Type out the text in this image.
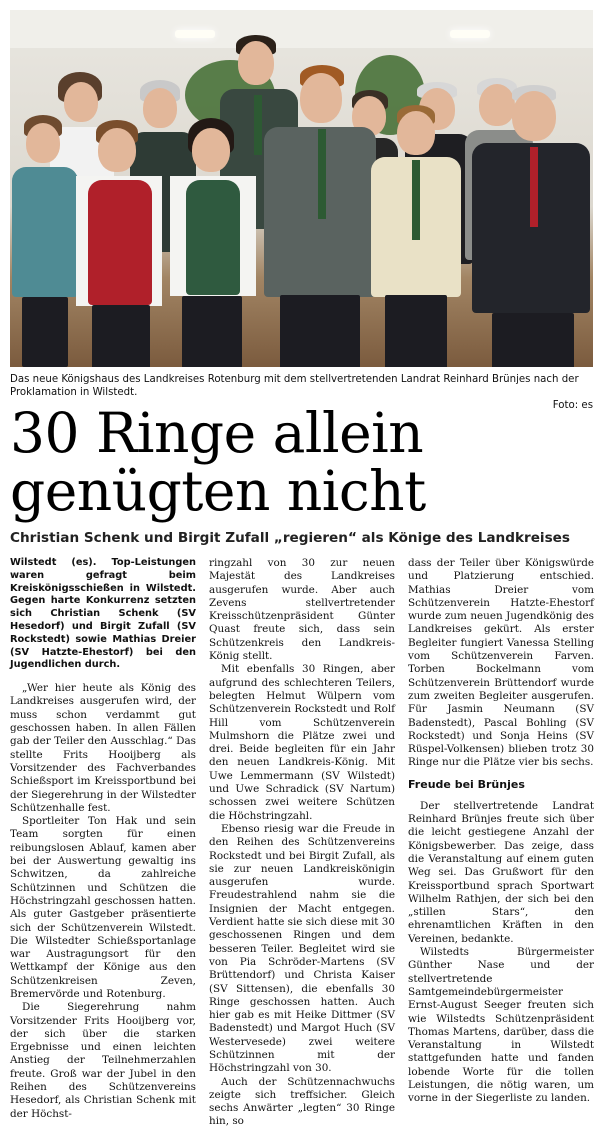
Das neue Königshaus des Landkreises Rotenburg mit dem stellvertretenden Landrat Reinhard Brünjes nach der Proklamation in Wilstedt.
Foto: es
30 Ringe allein
genügten nicht
Christian Schenk und Birgit Zufall „regieren“ als Könige des Landkreises

Wilstedt (es). Top-Leistungen waren gefragt beim Kreiskönigsschießen in Wilstedt. Gegen harte Konkurrenz setzten sich Christian Schenk (SV Hesedorf) und Birgit Zufall (SV Rockstedt) sowie Mathias Dreier (SV Hatzte-Ehestorf) bei den Jugendlichen durch.

„Wer hier heute als König des Landkreises ausgerufen wird, der muss schon verdammt gut geschossen haben. In allen Fällen gab der Teiler den Ausschlag.“ Das stellte Frits Hooijberg als Vorsitzender des Fachverbandes Schießsport im Kreissportbund bei der Siegerehrung in der Wilstedter Schützenhalle fest.

Sportleiter Ton Hak und sein Team sorgten für einen reibungslosen Ablauf, kamen aber bei der Auswertung gewaltig ins Schwitzen, da zahlreiche Schützinnen und Schützen die Höchstringzahl geschossen hatten. Als guter Gastgeber präsentierte sich der Schützenverein Wilstedt. Die Wilstedter Schießsportanlage war Austragungsort für den Wettkampf der Könige aus den Schützenkreisen Zeven, Bremervörde und Rotenburg.

Die Siegerehrung nahm Vorsitzender Frits Hooijberg vor, der sich über die starken Ergebnisse und einen leichten Anstieg der Teilnehmerzahlen freute. Groß war der Jubel in den Reihen des Schützenvereins Hesedorf, als Christian Schenk mit der Höchst-

ringzahl von 30 zur neuen Majestät des Landkreises ausgerufen wurde. Aber auch Zevens stellvertretender Kreisschützenpräsident Günter Quast freute sich, dass sein Schützenkreis den Landkreis-König stellt.

Mit ebenfalls 30 Ringen, aber aufgrund des schlechteren Teilers, belegten Helmut Wülpern vom Schützenverein Rockstedt und Rolf Hill vom Schützenverein Mulmshorn die Plätze zwei und drei. Beide begleiten für ein Jahr den neuen Landkreis-König. Mit Uwe Lemmermann (SV Wilstedt) und Uwe Schradick (SV Nartum) schossen zwei weitere Schützen die Höchstringzahl.

Ebenso riesig war die Freude in den Reihen des Schützenvereins Rockstedt und bei Birgit Zufall, als sie zur neuen Landkreiskönigin ausgerufen wurde. Freudestrahlend nahm sie die Insignien der Macht entgegen. Verdient hatte sie sich diese mit 30 geschossenen Ringen und dem besseren Teiler. Begleitet wird sie von Pia Schröder-Martens (SV Brüttendorf) und Christa Kaiser (SV Sittensen), die ebenfalls 30 Ringe geschossen hatten. Auch hier gab es mit Heike Dittmer (SV Badenstedt) und Margot Huch (SV Westervesede) zwei weitere Schützinnen mit der Höchstringzahl von 30.

Auch der Schützennachwuchs zeigte sich treffsicher. Gleich sechs Anwärter „legten“ 30 Ringe hin, so

dass der Teiler über Königswürde und Platzierung entschied. Mathias Dreier vom Schützenverein Hatzte-Ehestorf wurde zum neuen Jugendkönig des Landkreises gekürt. Als erster Begleiter fungiert Vanessa Stelling vom Schützenverein Farven. Torben Bockelmann vom Schützenverein Brüttendorf wurde zum zweiten Begleiter ausgerufen. Für Jasmin Neumann (SV Badenstedt), Pascal Bohling (SV Rockstedt) und Sonja Heins (SV Rüspel-Volkensen) blieben trotz 30 Ringe nur die Plätze vier bis sechs.

Freude bei Brünjes

Der stellvertretende Landrat Reinhard Brünjes freute sich über die leicht gestiegene Anzahl der Königsbewerber. Das zeige, dass die Veranstaltung auf einem guten Weg sei. Das Grußwort für den Kreissportbund sprach Sportwart Wilhelm Rathjen, der sich bei den „stillen Stars“, den ehrenamtlichen Kräften in den Vereinen, bedankte.

Wilstedts Bürgermeister Günther Nase und der stellvertretende Samtgemeindebürgermeister Ernst-August Seeger freuten sich wie Wilstedts Schützenpräsident Thomas Martens, darüber, dass die Veranstaltung in Wilstedt stattgefunden hatte und fanden lobende Worte für die tollen Leistungen, die nötig waren, um vorne in der Siegerliste zu landen.
